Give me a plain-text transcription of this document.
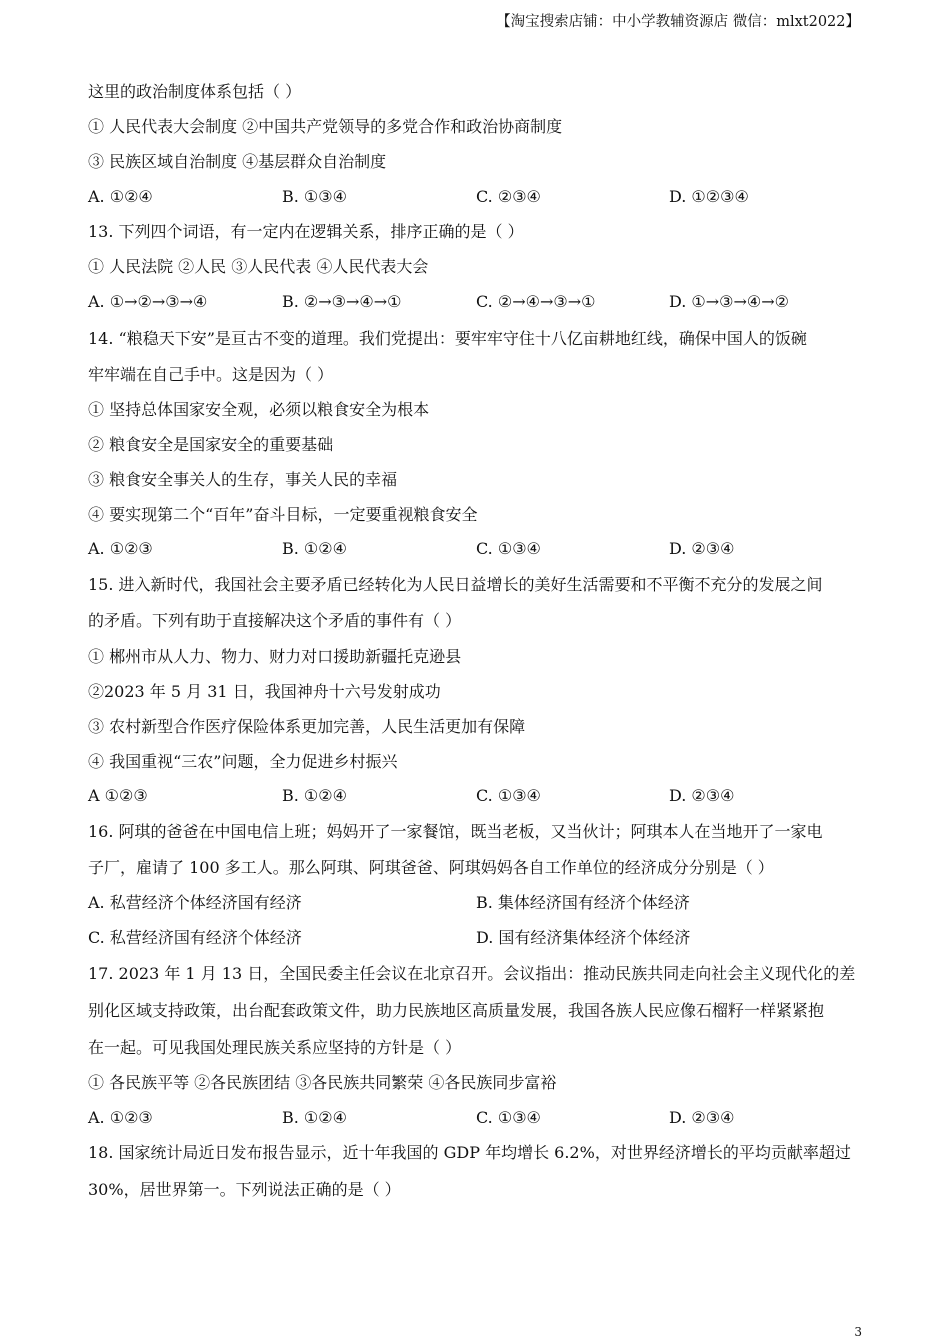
【淘宝搜索店铺：中小学教辅资源店 微信：mlxt2022】
这里的政治制度体系包括（ ）
① 人民代表大会制度 ②中国共产党领导的多党合作和政治协商制度
③ 民族区域自治制度 ④基层群众自治制度
A. ①②④	B. ①③④	C. ②③④	D. ①②③④
13. 下列四个词语，有一定内在逻辑关系，排序正确的是（ ）
① 人民法院 ②人民 ③人民代表 ④人民代表大会
A. ①→②→③→④	B. ②→③→④→①	C. ②→④→③→①	D. ①→③→④→②
14. “粮稳天下安”是亘古不变的道理。我们党提出：要牢牢守住十八亿亩耕地红线，确保中国人的饭碗
牢牢端在自己手中。这是因为（ ）
① 坚持总体国家安全观，必须以粮食安全为根本
② 粮食安全是国家安全的重要基础
③ 粮食安全事关人的生存，事关人民的幸福
④ 要实现第二个“百年”奋斗目标，一定要重视粮食安全
A. ①②③	B. ①②④	C. ①③④	D. ②③④
15. 进入新时代，我国社会主要矛盾已经转化为人民日益增长的美好生活需要和不平衡不充分的发展之间
的矛盾。下列有助于直接解决这个矛盾的事件有（ ）
① 郴州市从人力、物力、财力对口援助新疆托克逊县
②2023 年 5 月 31 日，我国神舟十六号发射成功
③ 农村新型合作医疗保险体系更加完善，人民生活更加有保障
④ 我国重视“三农”问题，全力促进乡村振兴
A ①②③	B. ①②④	C. ①③④	D. ②③④
16. 阿琪的爸爸在中国电信上班；妈妈开了一家餐馆，既当老板，又当伙计；阿琪本人在当地开了一家电
子厂，雇请了 100 多工人。那么阿琪、阿琪爸爸、阿琪妈妈各自工作单位的经济成分分别是（ ）
A. 私营经济个体经济国有经济	B. 集体经济国有经济个体经济
C. 私营经济国有经济个体经济	D. 国有经济集体经济个体经济
17. 2023 年 1 月 13 日，全国民委主任会议在北京召开。会议指出：推动民族共同走向社会主义现代化的差
别化区域支持政策，出台配套政策文件，助力民族地区高质量发展，我国各族人民应像石榴籽一样紧紧抱
在一起。可见我国处理民族关系应坚持的方针是（ ）
① 各民族平等 ②各民族团结 ③各民族共同繁荣 ④各民族同步富裕
A. ①②③	B. ①②④	C. ①③④	D. ②③④
18. 国家统计局近日发布报告显示，近十年我国的 GDP 年均增长 6.2%，对世界经济增长的平均贡献率超过
30%，居世界第一。下列说法正确的是（ ）
3
